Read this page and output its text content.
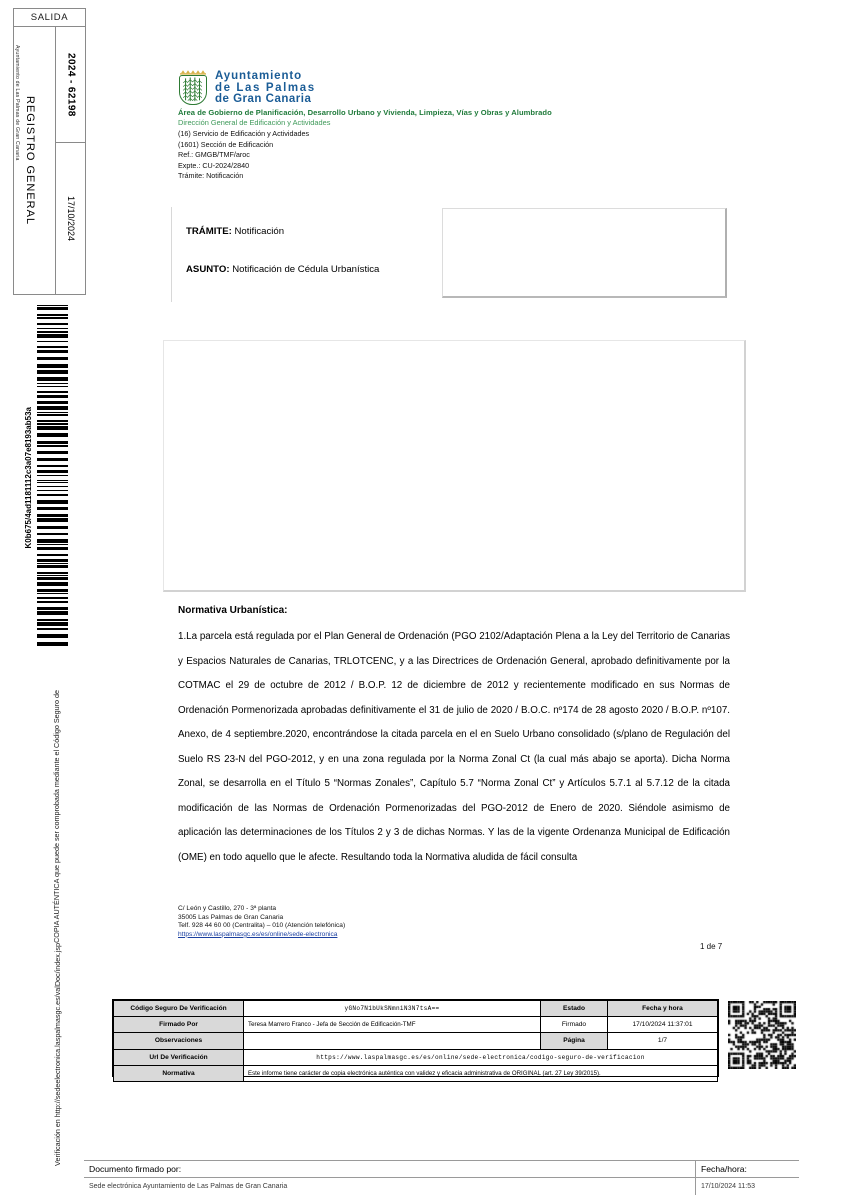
SALIDA
Ayuntamiento de Las Palmas de Gran Canaria REGISTRO GENERAL
2024 - 62198
17/10/2024
K0b675/4ad1181112c3a07e8193ab53a
COPIA AUTÉNTICA que puede ser comprobada mediante el Código Seguro de
Verificación en http://sedeelectronica.laspalmasgc.es/valDoc/index.jsp
Ayuntamiento
de Las Palmas
de Gran Canaria
Área de Gobierno de Planificación, Desarrollo Urbano y Vivienda, Limpieza, Vías y Obras y Alumbrado
Dirección General de Edificación y Actividades
(16) Servicio de Edificación y Actividades
(1601) Sección de Edificación
Ref.: GMGB/TMF/aroc
Expte.: CU-2024/2840
Trámite: Notificación
TRÁMITE: Notificación
ASUNTO: Notificación de Cédula Urbanística
Normativa Urbanística:

1.La parcela está regulada por el Plan General de Ordenación (PGO 2102/Adaptación Plena a la Ley del Territorio de Canarias y Espacios Naturales de Canarias, TRLOTCENC, y a las Directrices de Ordenación General, aprobado definitivamente por la COTMAC el 29 de octubre de 2012 / B.O.P. 12 de diciembre de 2012 y recientemente modificado en sus Normas de Ordenación Pormenorizada aprobadas definitivamente el 31 de julio de 2020 / B.O.C. nº174 de 28 agosto 2020 / B.O.P. nº107. Anexo, de 4 septiembre.2020, encontrándose la citada parcela en el en Suelo Urbano consolidado (s/plano de Regulación del Suelo RS 23-N del PGO-2012, y en una zona regulada por la Norma Zonal Ct (la cual más abajo se aporta). Dicha Norma Zonal, se desarrolla en el Título 5 “Normas Zonales”, Capítulo 5.7 “Norma Zonal Ct” y Artículos 5.7.1 al 5.7.12 de la citada modificación de las Normas de Ordenación Pormenorizadas del PGO-2012 de Enero de 2020. Siéndole asimismo de aplicación las determinaciones de los Títulos 2 y 3 de dichas Normas. Y las de la vigente Ordenanza Municipal de Edificación (OME) en todo aquello que le afecte. Resultando toda la Normativa aludida de fácil consulta

C/ León y Castillo, 270 - 3ª planta
35005 Las Palmas de Gran Canaria
Telf. 928 44 60 00 (Centralita) – 010 (Atención telefónica)
https://www.laspalmasgc.es/es/online/sede-electronica
1 de 7
Código Seguro De Verificación	yGNo7N1bUkSNmniN3N7tsA==	Estado	Fecha y hora
Firmado Por	Teresa Marrero Franco - Jefa de Sección de Edificación-TMF	Firmado	17/10/2024 11:37:01
Observaciones		Página	1/7
Url De Verificación	https://www.laspalmasgc.es/es/online/sede-electronica/codigo-seguro-de-verificacion		
Normativa	Este informe tiene carácter de copia electrónica auténtica con validez y eficacia administrativa de ORIGINAL (art. 27 Ley 39/2015).		
Documento firmado por:	Fecha/hora:
Sede electrónica Ayuntamiento de Las Palmas de Gran Canaria	17/10/2024 11:53
